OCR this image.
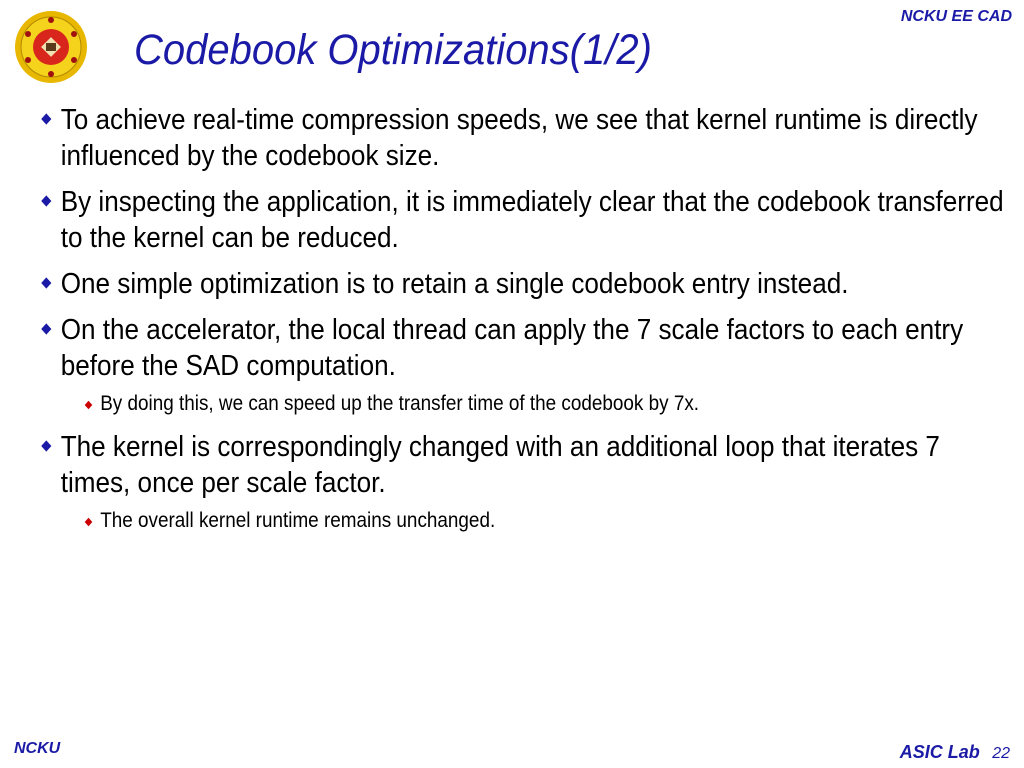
NCKU EE CAD
Codebook Optimizations(1/2)
To achieve real-time compression speeds, we see that kernel runtime is directly influenced by the codebook size.
By inspecting the application, it is immediately clear that the codebook transferred to the kernel can be reduced.
One simple optimization is to retain a single codebook entry instead.
On the accelerator, the local thread can apply the 7 scale factors to each entry before the SAD computation.
By doing this, we can speed up the transfer time of the codebook by 7x.
The kernel is correspondingly changed with an additional loop that iterates 7 times, once per scale factor.
The overall kernel runtime remains unchanged.
NCKU	ASIC Lab 22
